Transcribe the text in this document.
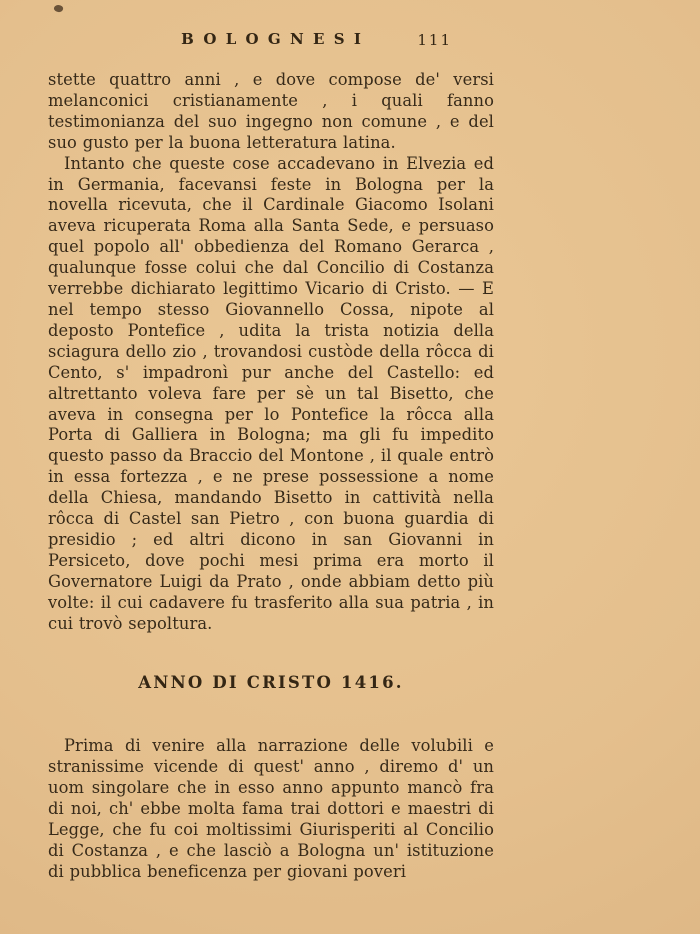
BOLOGNESI	111

stette quattro anni , e dove compose de' versi melanconici cristianamente , i quali fanno testimonianza del suo ingegno non comune , e del suo gusto per la buona letteratura latina.

Intanto che queste cose accadevano in Elvezia ed in Germania, facevansi feste in Bologna per la novella ricevuta, che il Cardinale Giacomo Isolani aveva ricuperata Roma alla Santa Sede, e persuaso quel popolo all' obbedienza del Romano Gerarca , qualunque fosse colui che dal Concilio di Costanza verrebbe dichiarato legittimo Vicario di Cristo. — E nel tempo stesso Giovannello Cossa, nipote al deposto Pontefice , udita la trista notizia della sciagura dello zio , trovandosi custòde della rôcca di Cento, s' impadronì pur anche del Castello: ed altrettanto voleva fare per sè un tal Bisetto, che aveva in consegna per lo Pontefice la rôcca alla Porta di Galliera in Bologna; ma gli fu impedito questo passo da Braccio del Montone , il quale entrò in essa fortezza , e ne prese possessione a nome della Chiesa, mandando Bisetto in cattività nella rôcca di Castel san Pietro , con buona guardia di presidio ; ed altri dicono in san Giovanni in Persiceto, dove pochi mesi prima era morto il Governatore Luigi da Prato , onde abbiam detto più volte: il cui cadavere fu trasferito alla sua patria , in cui trovò sepoltura.

ANNO DI CRISTO 1416.

Prima di venire alla narrazione delle volubili e stranissime vicende di quest' anno , diremo d' un uom singolare che in esso anno appunto mancò fra di noi, ch' ebbe molta fama trai dottori e maestri di Legge, che fu coi moltissimi Giurisperiti al Concilio di Costanza , e che lasciò a Bologna un' istituzione di pubblica beneficenza per giovani poveri
